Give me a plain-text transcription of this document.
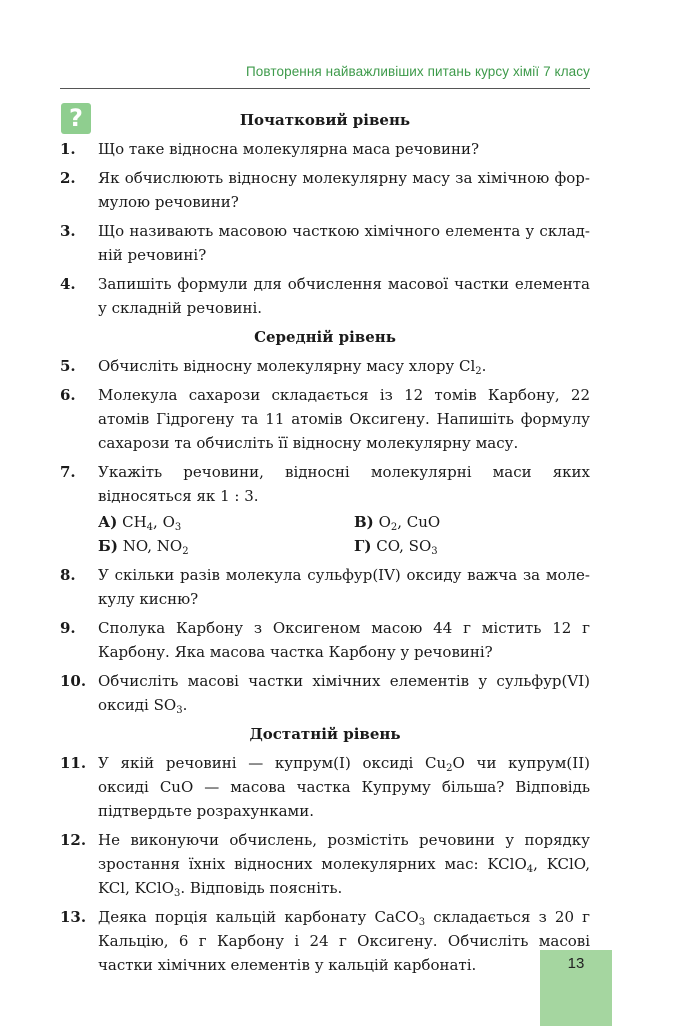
Повторення найважливіших питань курсу хімії 7 класу
?	Початковий рівень
1. Що таке відносна молекулярна маса речовини?
2. Як обчислюють відносну молекулярну масу за хімічною формулою речовини?
3. Що називають масовою часткою хімічного елемента у складній речовині?
4. Запишіть формули для обчислення масової частки елемента у складній речовині.
Середній рівень
5. Обчисліть відносну молекулярну масу хлору $Cl_2$.
6. Молекула сахарози складається із 12 томів Карбону, 22 атомів Гідрогену та 11 атомів Оксигену. Напишіть формулу сахарози та обчисліть її відносну молекулярну масу.
7. Укажіть речовини, відносні молекулярні маси яких відносяться як 1 : 3.
А) $CH_4$, $O_3$	В) $O_2$, CuO
Б) NO, $NO_2$	Г) CO, $SO_3$
8. У скільки разів молекула сульфур(IV) оксиду важча за молекулу кисню?
9. Сполука Карбону з Оксигеном масою 44 г містить 12 г Карбону. Яка масова частка Карбону у речовині?
10. Обчисліть масові частки хімічних елементів у сульфур(VI) оксиді $SO_3$.
Достатній рівень
11. У якій речовині — купрум(I) оксиді $Cu_2O$ чи купрум(II) оксиді CuO — масова частка Купруму більша? Відповідь підтвердьте розрахунками.
12. Не виконуючи обчислень, розмістіть речовини у порядку зростання їхніх відносних молекулярних мас: KClO$_4$, KClO, KCl, KClO$_3$. Відповідь поясніть.
13. Деяка порція кальцій карбонату CaCO$_3$ складається з 20 г Кальцію, 6 г Карбону і 24 г Оксигену. Обчисліть масові частки хімічних елементів у кальцій карбонаті.	13
